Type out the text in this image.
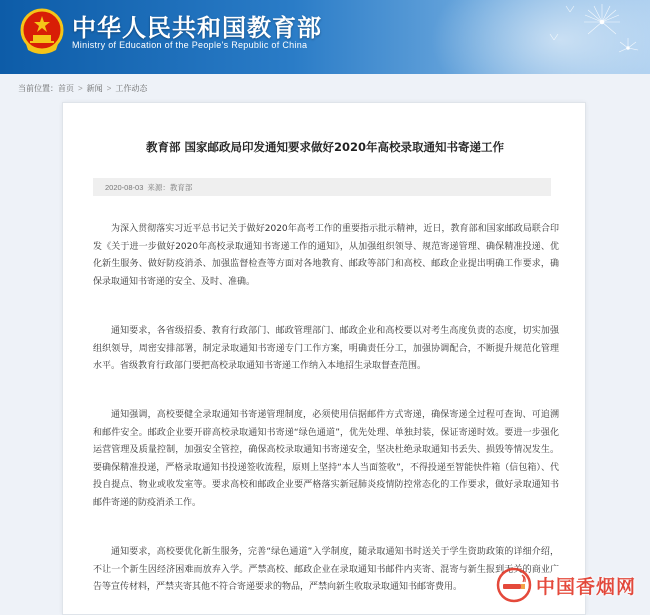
中华人民共和国教育部
Ministry of Education of the People's Republic of China
当前位置： 首页 > 新闻 > 工作动态
教育部 国家邮政局印发通知要求做好2020年高校录取通知书寄递工作
2020-08-03 来源：教育部

为深入贯彻落实习近平总书记关于做好2020年高考工作的重要指示批示精神，近日，教育部和国家邮政局联合印发《关于进一步做好2020年高校录取通知书寄递工作的通知》，从加强组织领导、规范寄递管理、确保精准投递、优化新生服务、做好防疫消杀、加强监督检查等方面对各地教育、邮政等部门和高校、邮政企业提出明确工作要求，确保录取通知书寄递的安全、及时、准确。

通知要求，各省级招委、教育行政部门、邮政管理部门、邮政企业和高校要以对考生高度负责的态度，切实加强组织领导，周密安排部署，制定录取通知书寄递专门工作方案，明确责任分工，加强协调配合，不断提升规范化管理水平。省级教育行政部门要把高校录取通知书寄递工作纳入本地招生录取督查范围。

通知强调，高校要健全录取通知书寄递管理制度，必须使用信据邮件方式寄递，确保寄递全过程可查询、可追溯和邮件安全。邮政企业要开辟高校录取通知书寄递“绿色通道”，优先处理、单独封装，保证寄递时效。要进一步强化运营管理及质量控制，加强安全管控，确保高校录取通知书寄递安全，坚决杜绝录取通知书丢失、损毁等情况发生。要确保精准投递，严格录取通知书投递签收流程，原则上坚持“本人当面签收”，不得投递至智能快件箱（信包箱）、代投自提点、物业或收发室等。要求高校和邮政企业要严格落实新冠肺炎疫情防控常态化的工作要求，做好录取通知书邮件寄递的防疫消杀工作。

通知要求，高校要优化新生服务，完善“绿色通道”入学制度，随录取通知书时送关于学生资助政策的详细介绍，不让一个新生因经济困难而放弃入学。严禁高校、邮政企业在录取通知书邮件内夹寄、混寄与新生报到无关的商业广告等宣传材料，严禁夹寄其他不符合寄递要求的物品，严禁向新生收取录取通知书邮寄费用。	中国香烟网
